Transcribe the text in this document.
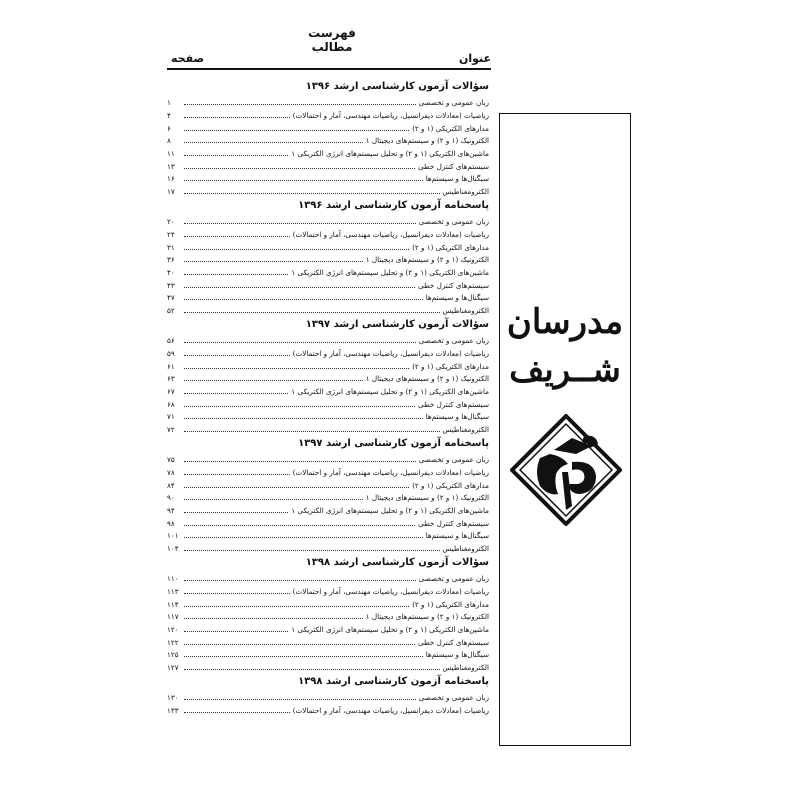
فهرست مطالب
عنوان
صفحه
سؤالات آزمون کارشناسی ارشد ۱۳۹۶
زبان عمومی و تخصصی
۱
ریاضیات (معادلات دیفرانسیل، ریاضیات مهندسی، آمار و احتمالات)
۴
مدارهای الکتریکی (۱ و ۲)
۶
الکترونیک (۱ و ۲) و سیستم‌های دیجیتال ۱
۸
ماشین‌های الکتریکی (۱ و ۲) و تحلیل سیستم‌های انرژی الکتریکی ۱
۱۱
سیستم‌های کنترل خطی
۱۳
سیگنال‌ها و سیستم‌ها
۱۶
الکترومغناطیس
۱۷
پاسخنامه آزمون کارشناسی ارشد ۱۳۹۶
زبان عمومی و تخصصی
۲۰
ریاضیات (معادلات دیفرانسیل، ریاضیات مهندسی، آمار و احتمالات)
۲۴
مدارهای الکتریکی (۱ و ۲)
۳۱
الکترونیک (۱ و ۲) و سیستم‌های دیجیتال ۱
۳۶
ماشین‌های الکتریکی (۱ و ۲) و تحلیل سیستم‌های انرژی الکتریکی ۱
۴۰
سیستم‌های کنترل خطی
۴۳
سیگنال‌ها و سیستم‌ها
۴۷
الکترومغناطیس
۵۲
سؤالات آزمون کارشناسی ارشد ۱۳۹۷
زبان عمومی و تخصصی
۵۶
ریاضیات (معادلات دیفرانسیل، ریاضیات مهندسی، آمار و احتمالات)
۵۹
مدارهای الکتریکی (۱ و ۲)
۶۱
الکترونیک (۱ و ۲) و سیستم‌های دیجیتال ۱
۶۳
ماشین‌های الکتریکی (۱ و ۲) و تحلیل سیستم‌های انرژی الکتریکی ۱
۶۷
سیستم‌های کنترل خطی
۶۸
سیگنال‌ها و سیستم‌ها
۷۱
الکترومغناطیس
۷۲
پاسخنامه آزمون کارشناسی ارشد ۱۳۹۷
زبان عمومی و تخصصی
۷۵
ریاضیات (معادلات دیفرانسیل، ریاضیات مهندسی، آمار و احتمالات)
۷۸
مدارهای الکتریکی (۱ و ۲)
۸۴
الکترونیک (۱ و ۲) و سیستم‌های دیجیتال ۱
۹۰
ماشین‌های الکتریکی (۱ و ۲) و تحلیل سیستم‌های انرژی الکتریکی ۱
۹۴
سیستم‌های کنترل خطی
۹۸
سیگنال‌ها و سیستم‌ها
۱۰۱
الکترومغناطیس
۱۰۴
سؤالات آزمون کارشناسی ارشد ۱۳۹۸
زبان عمومی و تخصصی
۱۱۰
ریاضیات (معادلات دیفرانسیل، ریاضیات مهندسی، آمار و احتمالات)
۱۱۳
مدارهای الکتریکی (۱ و ۲)
۱۱۴
الکترونیک (۱ و ۲) و سیستم‌های دیجیتال ۱
۱۱۷
ماشین‌های الکتریکی (۱ و ۲) و تحلیل سیستم‌های انرژی الکتریکی ۱
۱۲۰
سیستم‌های کنترل خطی
۱۲۲
سیگنال‌ها و سیستم‌ها
۱۲۵
الکترومغناطیس
۱۲۷
پاسخنامه آزمون کارشناسی ارشد ۱۳۹۸
زبان عمومی و تخصصی
۱۳۰
ریاضیات (معادلات دیفرانسیل، ریاضیات مهندسی، آمار و احتمالات)
۱۳۳
مدرسان
شــریف
